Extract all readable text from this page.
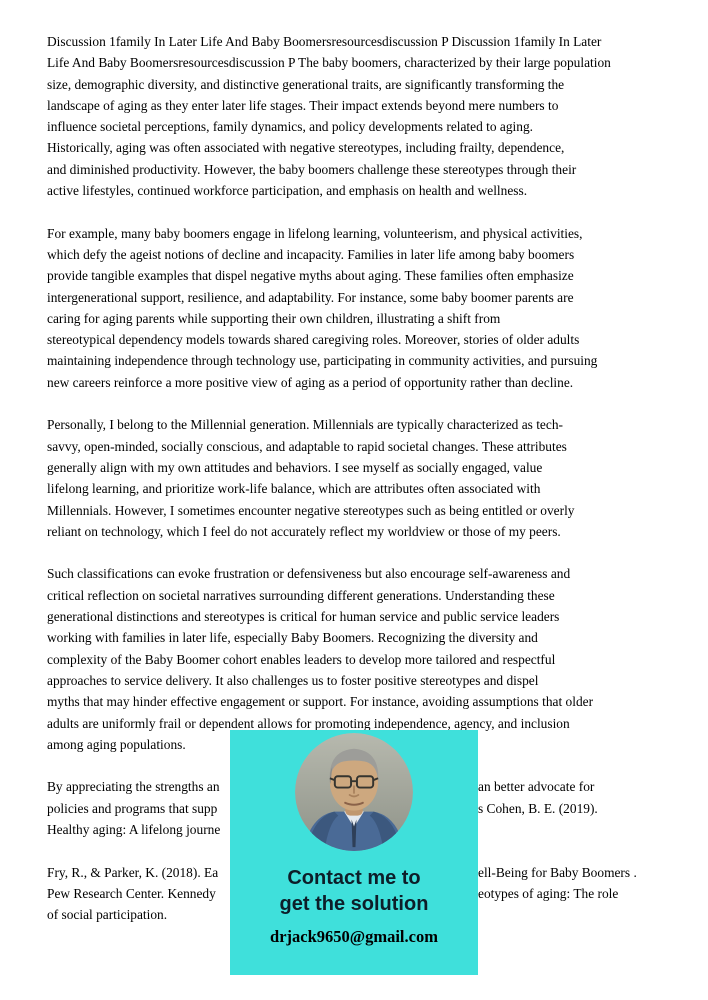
Discussion 1family In Later Life And Baby Boomersresourcesdiscussion P Discussion 1family In Later
Life And Baby Boomersresourcesdiscussion P The baby boomers, characterized by their large population
size, demographic diversity, and distinctive generational traits, are significantly transforming the
landscape of aging as they enter later life stages. Their impact extends beyond mere numbers to
influence societal perceptions, family dynamics, and policy developments related to aging.
Historically, aging was often associated with negative stereotypes, including frailty, dependence,
and diminished productivity. However, the baby boomers challenge these stereotypes through their
active lifestyles, continued workforce participation, and emphasis on health and wellness.
For example, many baby boomers engage in lifelong learning, volunteerism, and physical activities,
which defy the ageist notions of decline and incapacity. Families in later life among baby boomers
provide tangible examples that dispel negative myths about aging. These families often emphasize
intergenerational support, resilience, and adaptability. For instance, some baby boomer parents are
caring for aging parents while supporting their own children, illustrating a shift from
stereotypical dependency models towards shared caregiving roles. Moreover, stories of older adults
maintaining independence through technology use, participating in community activities, and pursuing
new careers reinforce a more positive view of aging as a period of opportunity rather than decline.
Personally, I belong to the Millennial generation. Millennials are typically characterized as tech-
savvy, open-minded, socially conscious, and adaptable to rapid societal changes. These attributes
generally align with my own attitudes and behaviors. I see myself as socially engaged, value
lifelong learning, and prioritize work-life balance, which are attributes often associated with
Millennials. However, I sometimes encounter negative stereotypes such as being entitled or overly
reliant on technology, which I feel do not accurately reflect my worldview or those of my peers.
Such classifications can evoke frustration or defensiveness but also encourage self-awareness and
critical reflection on societal narratives surrounding different generations. Understanding these
generational distinctions and stereotypes is critical for human service and public service leaders
working with families in later life, especially Baby Boomers. Recognizing the diversity and
complexity of the Baby Boomer cohort enables leaders to develop more tailored and respectful
approaches to service delivery. It also challenges us to foster positive stereotypes and dispel
myths that may hinder effective engagement or support. For instance, avoiding assumptions that older
adults are uniformly frail or dependent allows for promoting independence, agency, and inclusion
among aging populations.
By appreciating the strengths an	an better advocate for
policies and programs that supp	s Cohen, B. E. (2019).
Healthy aging: A lifelong journe
Fry, R., & Parker, K. (2018). Ea	ell-Being for Baby Boomers .
Pew Research Center. Kennedy	eotypes of aging: The role
of social participation.
Contact me to
get the solution
drjack9650@gmail.com
